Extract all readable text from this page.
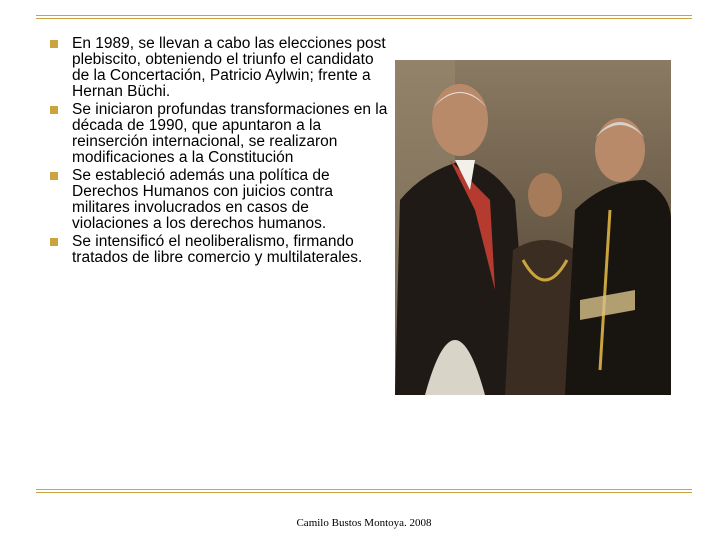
En 1989, se llevan a cabo las elecciones post plebiscito, obteniendo el triunfo el candidato de la Concertación, Patricio Aylwin; frente a Hernan Büchi.
Se iniciaron profundas transformaciones en la década de 1990, que apuntaron a la reinserción internacional, se realizaron modificaciones a la Constitución
Se estableció además una política de Derechos Humanos con juicios contra militares involucrados en casos de violaciones a los derechos humanos.
Se intensificó el neoliberalismo, firmando tratados de libre comercio y multilaterales.
Camilo Bustos Montoya. 2008
